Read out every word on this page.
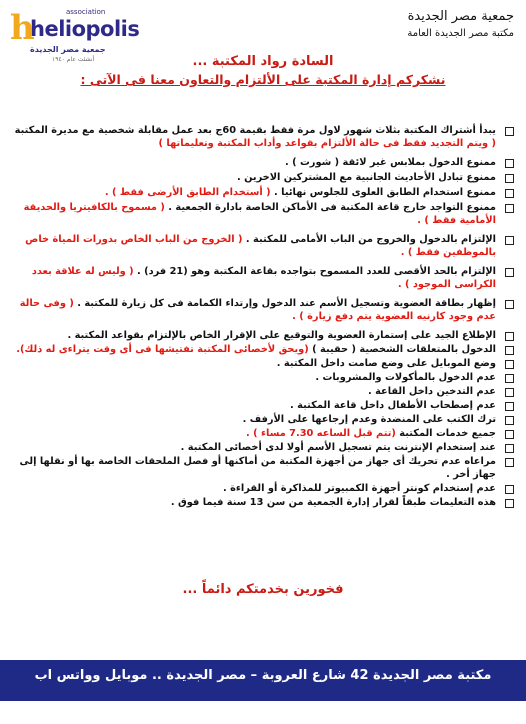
association
h
heliopolis
جمعية مصر الجديدة
أنشئت عام ١٩٤٠
جمعية مصر الجديدة
مكتبة مصر الجديدة العامة
السادة رواد المكتبة ...
نشكركم إدارة المكتبة على الألتزام والتعاون معنا فى الآتى :
يبدأ أشتراك المكتبة بثلاث شهور لاول مرة فقط بقيمة 60ج بعد عمل مقابلة شخصية مع مديرة المكتبة ( ويتم التجديد فقط فى حالة الألتزام بقواعد وأداب المكتبة وتعليماتها )
ممنوع الدخول بملابس غير لائقة ( شورت ) .
ممنوع تبادل الأحاديث الجانبية مع المشتركين الاخرين .
ممنوع استخدام الطابق العلوى للجلوس نهائيا . ( أستخدام الطابق الأرضى فقط ) .
ممنوع التواجد خارج قاعة المكتبة فى الأماكن الخاصة بادارة الجمعية . ( مسموح بالكافيتريا والحديقة الأمامية فقط ) .
الإلتزام بالدخول والخروج من الباب الأمامى للمكتبة . ( الخروج من الباب الخاص بدورات المياة خاص بالموظفين فقط ) .
الإلتزام بالحد الأقصى للعدد المسموح بتواجده بقاعة المكتبة وهو (21 فرد) . ( وليس له علاقة بعدد الكراسى الموجود ) .
إظهار بطاقة العضوية وتسجيل الأسم عند الدخول وإرتداء الكمامة فى كل زيارة للمكتبة . ( وفى حالة عدم وجود كارنيه العضوية يتم دفع زيارة ) .
الإطلاع الجيد على إستمارة العضوية والتوقيع على الإقرار الخاص بالإلتزام بقواعد المكتبة .
الدخول بالمتعلقات الشخصية ( حقيبة ) (ويحق لأخصائى المكتبة تفتيشها فى أى وقت يتراءى له ذلك).
وضع الموبايل على وضع صامت داخل المكتبة .
عدم الدخول بالمأكولات والمشروبات .
عدم التدخين داخل القاعة .
عدم إصطحاب الأطفال داخل قاعة المكتبة .
ترك الكتب على المنضدة وعدم إرجاعها على الأرفف .
جميع خدمات المكتبة (تتم قبل الساعه 7.30 مساء ) .
عند إستخدام الإنترنت يتم تسجيل الأسم أولا لدى أخصائى المكتبة .
مراعاه عدم تحريك أى جهاز من أجهزة المكتبة من أماكنها أو فصل الملحقات الخاصة بها أو نقلها إلى جهاز أخر .
عدم إستخدام كونتر أجهزة الكمبيوتر للمذاكرة أو القراءة .
هذه التعليمات طبقاً لقرار إدارة الجمعية من سن 13 سنة فيما فوق .
فخورين بخدمتكم دائماً ...
مكتبة مصر الجديدة 42 شارع العروبة – مصر الجديدة .. موبايل وواتس اب 01142464426
